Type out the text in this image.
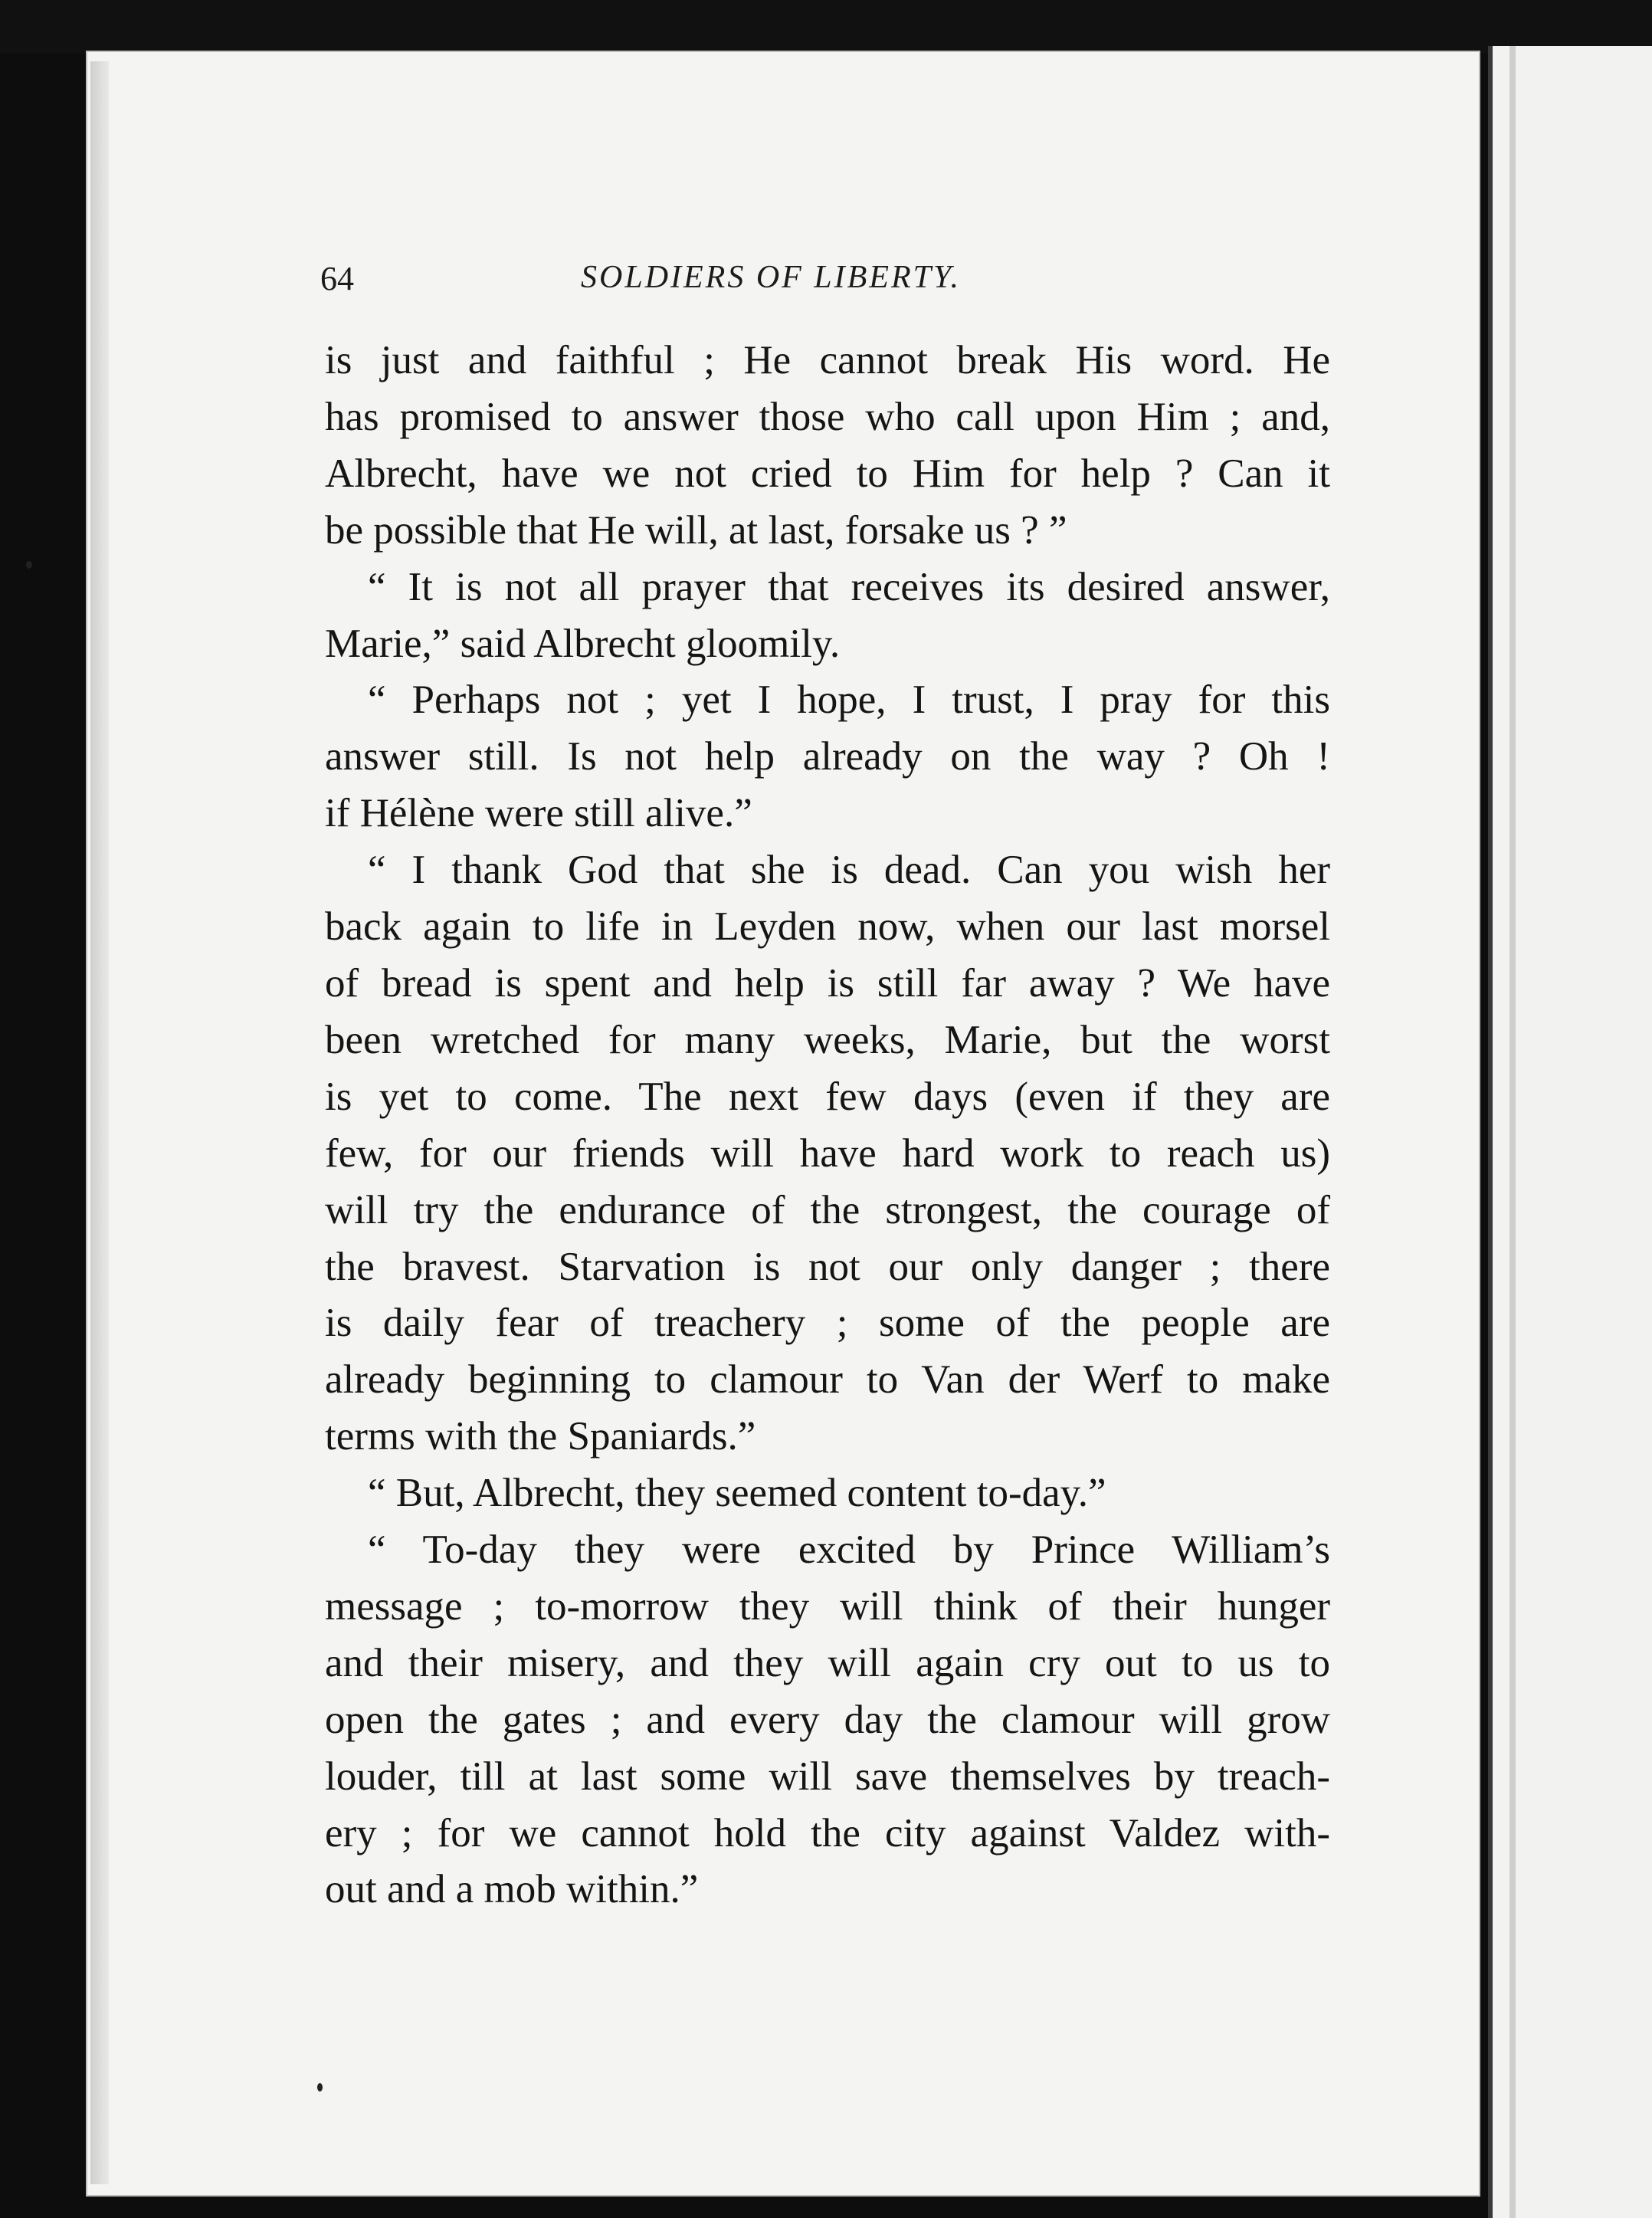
64	SOLDIERS OF LIBERTY.

is just and faithful ; He cannot break His word. He

has promised to answer those who call upon Him ; and,

Albrecht, have we not cried to Him for help ? Can it

be possible that He will, at last, forsake us ? ”

“ It is not all prayer that receives its desired answer,

Marie,” said Albrecht gloomily.

“ Perhaps not ; yet I hope, I trust, I pray for this

answer still. Is not help already on the way ? Oh !

if Hélène were still alive.”

“ I thank God that she is dead. Can you wish her

back again to life in Leyden now, when our last morsel

of bread is spent and help is still far away ? We have

been wretched for many weeks, Marie, but the worst

is yet to come. The next few days (even if they are

few, for our friends will have hard work to reach us)

will try the endurance of the strongest, the courage of

the bravest. Starvation is not our only danger ; there

is daily fear of treachery ; some of the people are

already beginning to clamour to Van der Werf to make

terms with the Spaniards.”

“ But, Albrecht, they seemed content to-day.”

“ To-day they were excited by Prince William’s

message ; to-morrow they will think of their hunger

and their misery, and they will again cry out to us to

open the gates ; and every day the clamour will grow

louder, till at last some will save themselves by treach-

ery ; for we cannot hold the city against Valdez with-

out and a mob within.”
